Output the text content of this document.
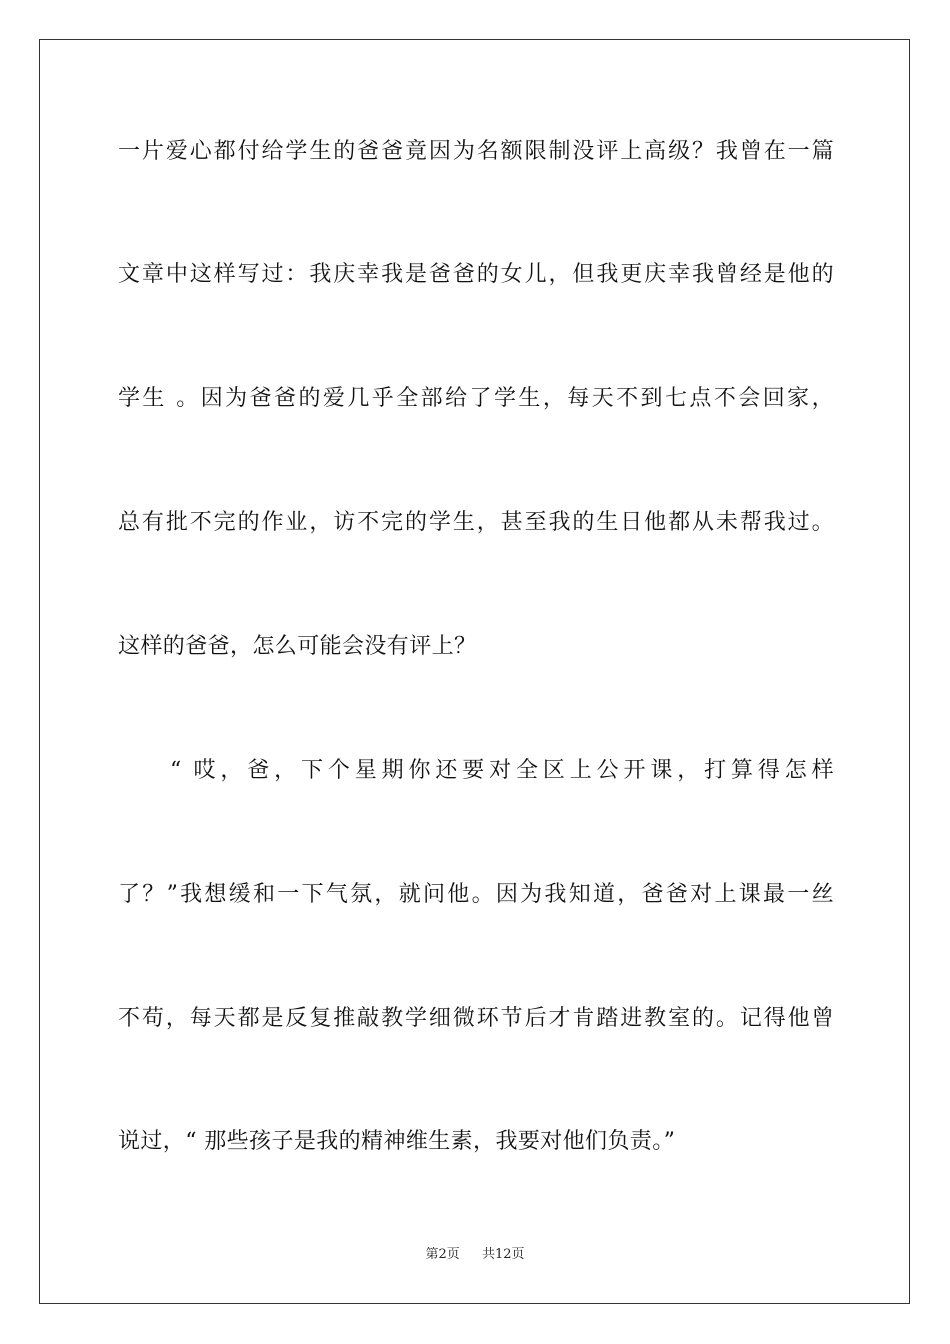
一片爱心都付给学生的爸爸竟因为名额限制没评上高级？我曾在一篇
文章中这样写过：我庆幸我是爸爸的女儿，但我更庆幸我曾经是他的
学生 。因为爸爸的爱几乎全部给了学生，每天不到七点不会回家，
总有批不完的作业，访不完的学生，甚至我的生日他都从未帮我过。
这样的爸爸，怎么可能会没有评上？
“ 哎，爸，下个星期你还要对全区上公开课，打算得怎样
了？”我想缓和一下气氛，就问他。因为我知道，爸爸对上课最一丝
不苟，每天都是反复推敲教学细微环节后才肯踏进教室的。记得他曾
说过，“ 那些孩子是我的精神维生素，我要对他们负责。”
第2页 共12页
